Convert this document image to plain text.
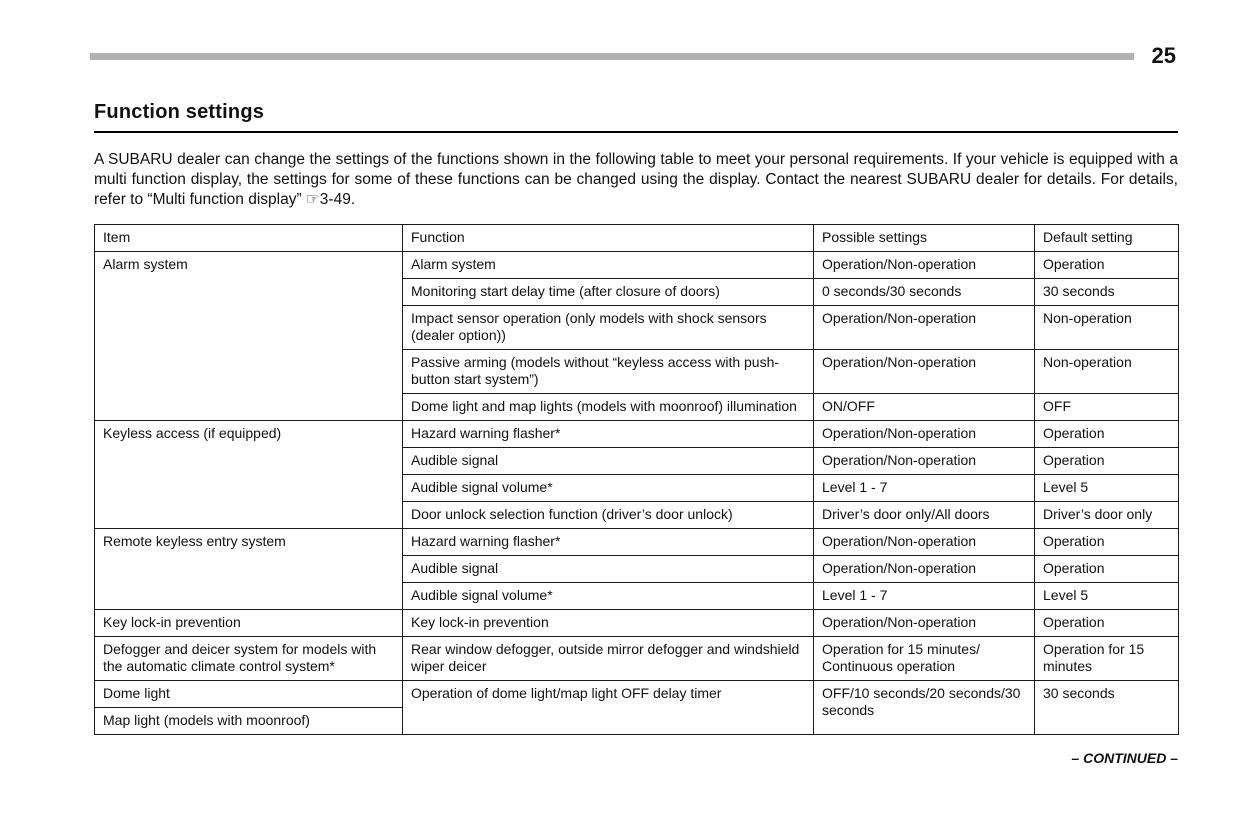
25
Function settings

A SUBARU dealer can change the settings of the functions shown in the following table to meet your personal requirements. If your vehicle is equipped with a multi function display, the settings for some of these functions can be changed using the display. Contact the nearest SUBARU dealer for details. For details, refer to “Multi function display” ☞3-49.

Item	Function	Possible settings	Default setting
Alarm system	Alarm system	Operation/Non-operation	Operation
	Monitoring start delay time (after closure of doors)	0 seconds/30 seconds	30 seconds
	Impact sensor operation (only models with shock sensors (dealer option))	Operation/Non-operation	Non-operation
	Passive arming (models without “keyless access with push-button start system”)	Operation/Non-operation	Non-operation
	Dome light and map lights (models with moonroof) illumination	ON/OFF	OFF
Keyless access (if equipped)	Hazard warning flasher*	Operation/Non-operation	Operation
	Audible signal	Operation/Non-operation	Operation
	Audible signal volume*	Level 1 - 7	Level 5
	Door unlock selection function (driver’s door unlock)	Driver’s door only/All doors	Driver’s door only
Remote keyless entry system	Hazard warning flasher*	Operation/Non-operation	Operation
	Audible signal	Operation/Non-operation	Operation
	Audible signal volume*	Level 1 - 7	Level 5
Key lock-in prevention	Key lock-in prevention	Operation/Non-operation	Operation
Defogger and deicer system for models with the automatic climate control system*	Rear window defogger, outside mirror defogger and windshield wiper deicer	Operation for 15 minutes/ Continuous operation	Operation for 15 minutes
Dome light	Operation of dome light/map light OFF delay timer	OFF/10 seconds/20 seconds/30 seconds	30 seconds
Map light (models with moonroof)			
– CONTINUED –
